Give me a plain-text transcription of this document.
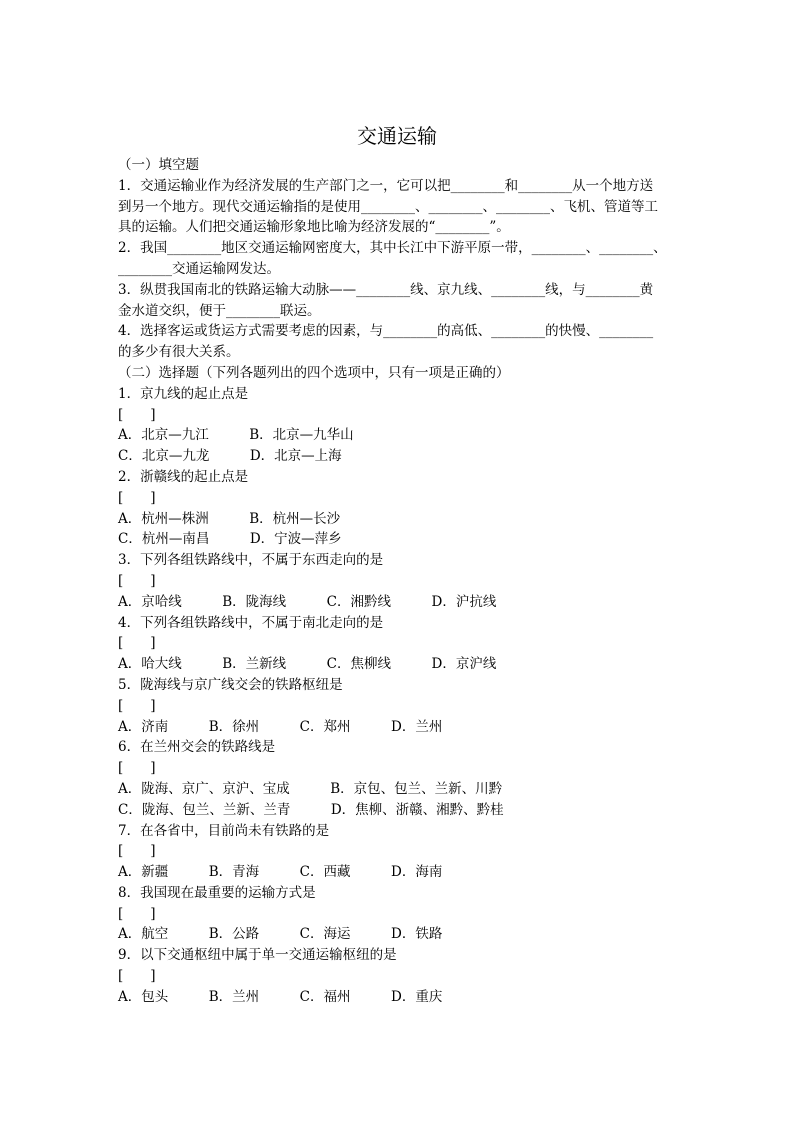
交通运输
（一）填空题
1．交通运输业作为经济发展的生产部门之一，它可以把________和________从一个地方送
到另一个地方。现代交通运输指的是使用________、________、________、飞机、管道等工
具的运输。人们把交通运输形象地比喻为经济发展的“________”。
2．我国________地区交通运输网密度大，其中长江中下游平原一带，________、________、
________交通运输网发达。
3．纵贯我国南北的铁路运输大动脉——________线、京九线、________线，与________黄
金水道交织，便于________联运。
4．选择客运或货运方式需要考虑的因素，与________的高低、________的快慢、________
的多少有很大关系。
（二）选择题（下列各题列出的四个选项中，只有一项是正确的）
1．京九线的起止点是
[　　]
A．北京—九江　　　B．北京—九华山
C．北京—九龙　　　D．北京—上海
2．浙赣线的起止点是
[　　]
A．杭州—株洲　　　B．杭州—长沙
C．杭州—南昌　　　D．宁波—萍乡
3．下列各组铁路线中，不属于东西走向的是
[　　]
A．京哈线　　　B．陇海线　　　C．湘黔线　　　D．沪抗线
4．下列各组铁路线中，不属于南北走向的是
[　　]
A．哈大线　　　B．兰新线　　　C．焦柳线　　　D．京沪线
5．陇海线与京广线交会的铁路枢纽是
[　　]
A．济南　　　B．徐州　　　C．郑州　　　D．兰州
6．在兰州交会的铁路线是
[　　]
A．陇海、京广、京沪、宝成　　　B．京包、包兰、兰新、川黔
C．陇海、包兰、兰新、兰青　　　D．焦柳、浙赣、湘黔、黔桂
7．在各省中，目前尚未有铁路的是
[　　]
A．新疆　　　B．青海　　　C．西藏　　　D．海南
8．我国现在最重要的运输方式是
[　　]
A．航空　　　B．公路　　　C．海运　　　D．铁路
9．以下交通枢纽中属于单一交通运输枢纽的是
[　　]
A．包头　　　B．兰州　　　C．福州　　　D．重庆
